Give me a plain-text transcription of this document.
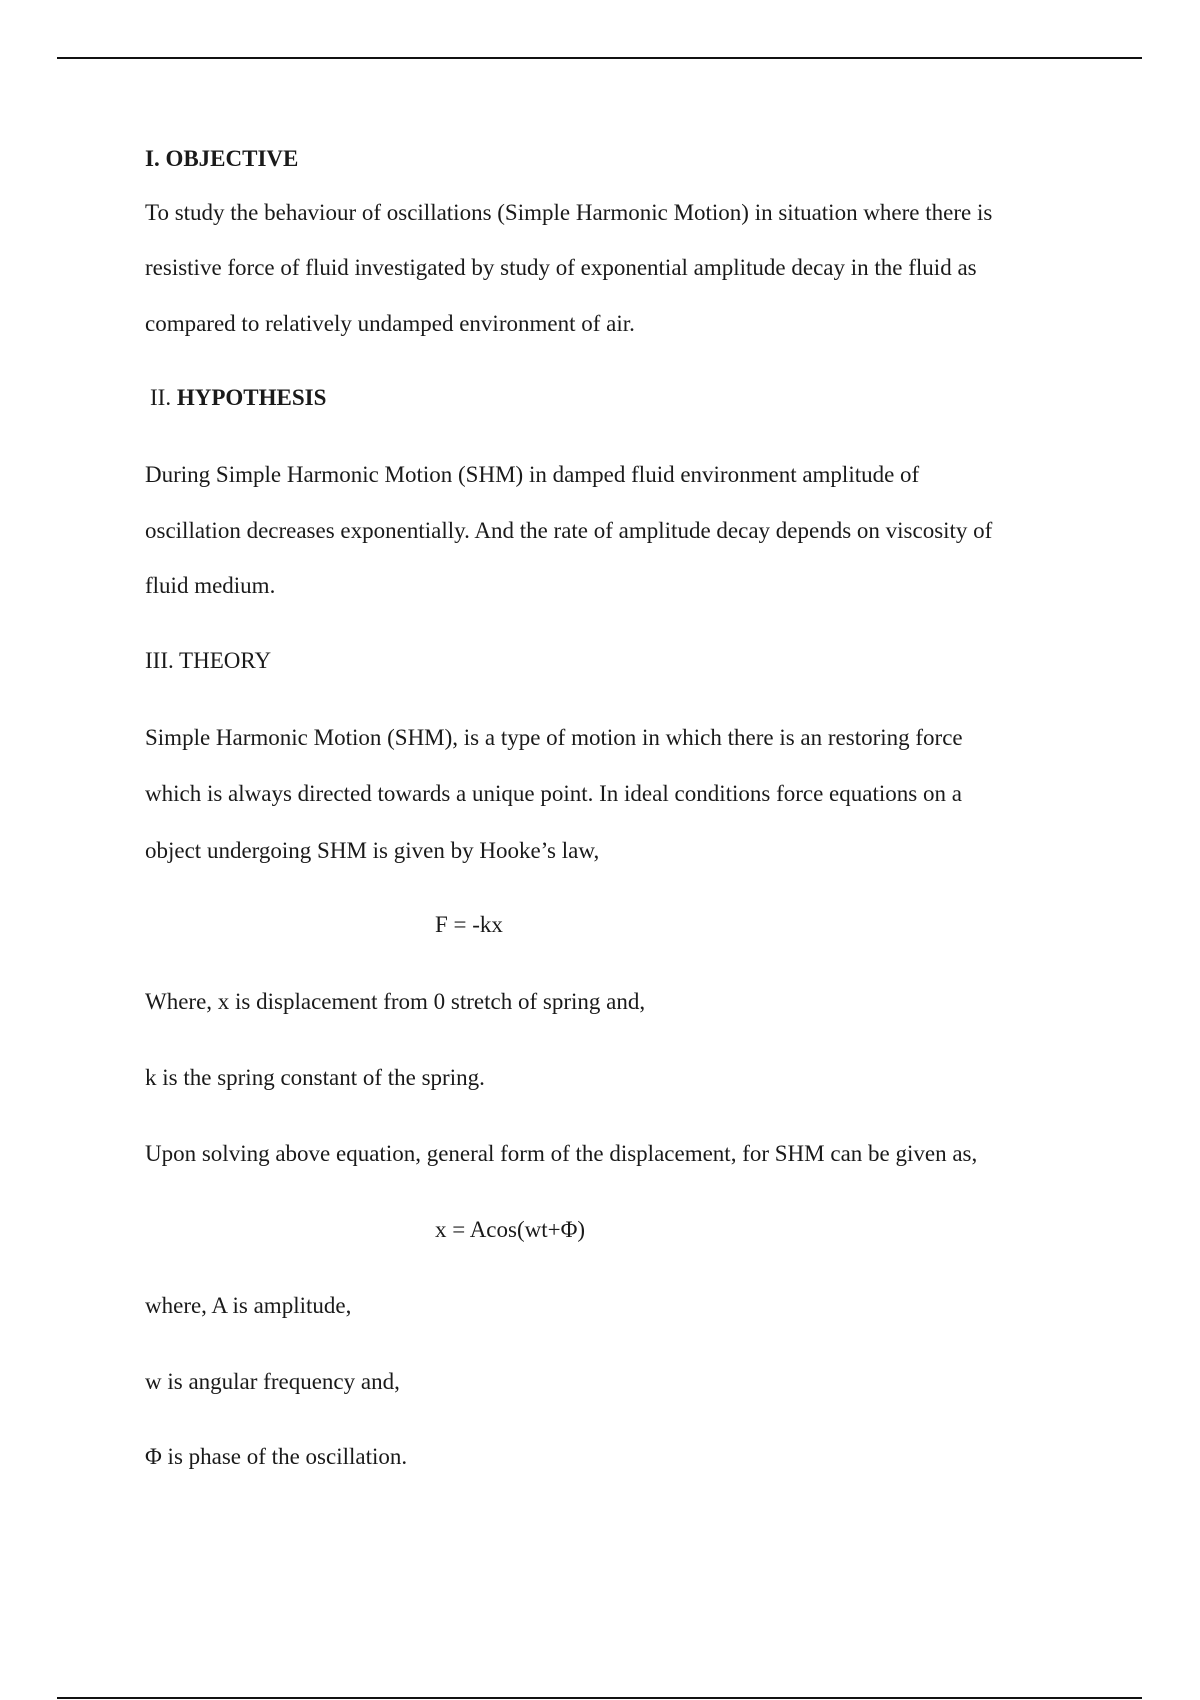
I. OBJECTIVE
To study the behaviour of oscillations (Simple Harmonic Motion) in situation where there is
resistive force of fluid investigated by study of exponential amplitude decay in the fluid as
compared to relatively undamped environment of air.
II. HYPOTHESIS
During Simple Harmonic Motion (SHM) in damped fluid environment amplitude of
oscillation decreases exponentially. And the rate of amplitude decay depends on viscosity of
fluid medium.
III. THEORY
Simple Harmonic Motion (SHM), is a type of motion in which there is an restoring force
which is always directed towards a unique point. In ideal conditions force equations on a
object undergoing SHM is given by Hooke’s law,
F = -kx
Where, x is displacement from 0 stretch of spring and,
k is the spring constant of the spring.
Upon solving above equation, general form of the displacement, for SHM can be given as,
x = Acos(wt+Φ)
where, A is amplitude,
w is angular frequency and,
Φ is phase of the oscillation.
